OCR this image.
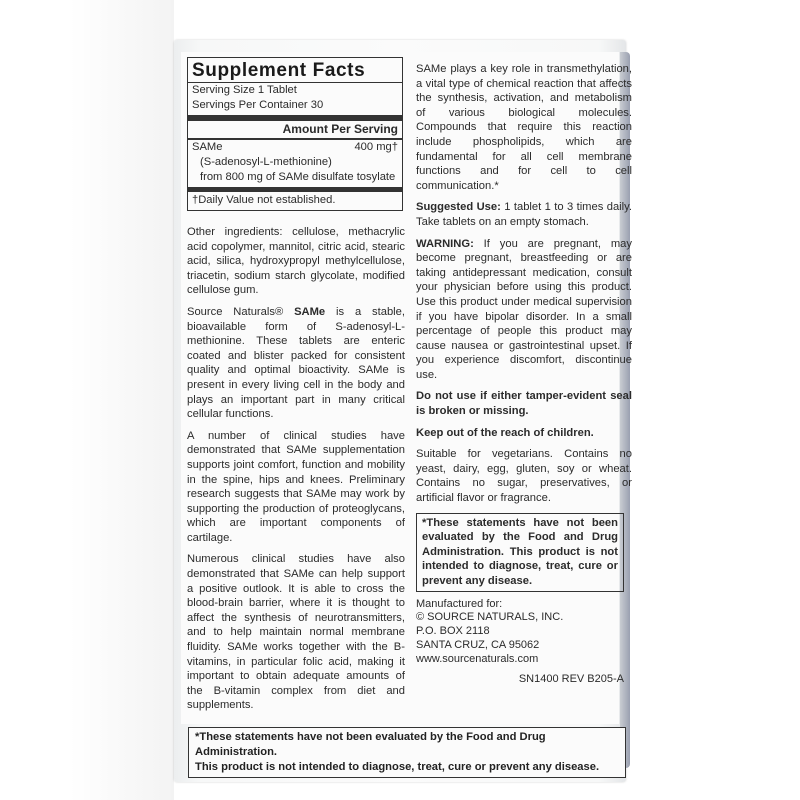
Supplement Facts
Serving Size 1 Tablet
Servings Per Container 30
Amount Per Serving
SAMe	400 mg†
(S-adenosyl-L-methionine)
from 800 mg of SAMe disulfate tosylate
†Daily Value not established.

Other ingredients: cellulose, methacrylic acid copolymer, mannitol, citric acid, stearic acid, silica, hydroxypropyl methylcellulose, triacetin, sodium starch glycolate, modified cellulose gum.

Source Naturals® SAMe is a stable, bioavailable form of S-adenosyl-L-methionine. These tablets are enteric coated and blister packed for consistent quality and optimal bioactivity. SAMe is present in every living cell in the body and plays an important part in many critical cellular functions.

A number of clinical studies have demonstrated that SAMe supplementation supports joint comfort, function and mobility in the spine, hips and knees. Preliminary research suggests that SAMe may work by supporting the production of proteoglycans, which are important components of cartilage.

Numerous clinical studies have also demonstrated that SAMe can help support a positive outlook. It is able to cross the blood-brain barrier, where it is thought to affect the synthesis of neurotransmitters, and to help maintain normal membrane fluidity. SAMe works together with the B-vitamins, in particular folic acid, making it important to obtain adequate amounts of the B-vitamin complex from diet and supplements.

SAMe plays a key role in transmethylation, a vital type of chemical reaction that affects the synthesis, activation, and metabolism of various biological molecules. Compounds that require this reaction include phospholipids, which are fundamental for all cell membrane functions and for cell to cell communication.*

Suggested Use: 1 tablet 1 to 3 times daily. Take tablets on an empty stomach.

WARNING: If you are pregnant, may become pregnant, breastfeeding or are taking antidepressant medication, consult your physician before using this product. Use this product under medical supervision if you have bipolar disorder. In a small percentage of people this product may cause nausea or gastrointestinal upset. If you experience discomfort, discontinue use.

Do not use if either tamper-evident seal is broken or missing.

Keep out of the reach of children.

Suitable for vegetarians. Contains no yeast, dairy, egg, gluten, soy or wheat. Contains no sugar, preservatives, or artificial flavor or fragrance.

*These statements have not been evaluated by the Food and Drug Administration. This product is not intended to diagnose, treat, cure or prevent any disease.
Manufactured for:
© SOURCE NATURALS, INC.
P.O. BOX 2118
SANTA CRUZ, CA 95062
www.sourcenaturals.com
SN1400 REV B205-A
*These statements have not been evaluated by the Food and Drug Administration.
This product is not intended to diagnose, treat, cure or prevent any disease.
